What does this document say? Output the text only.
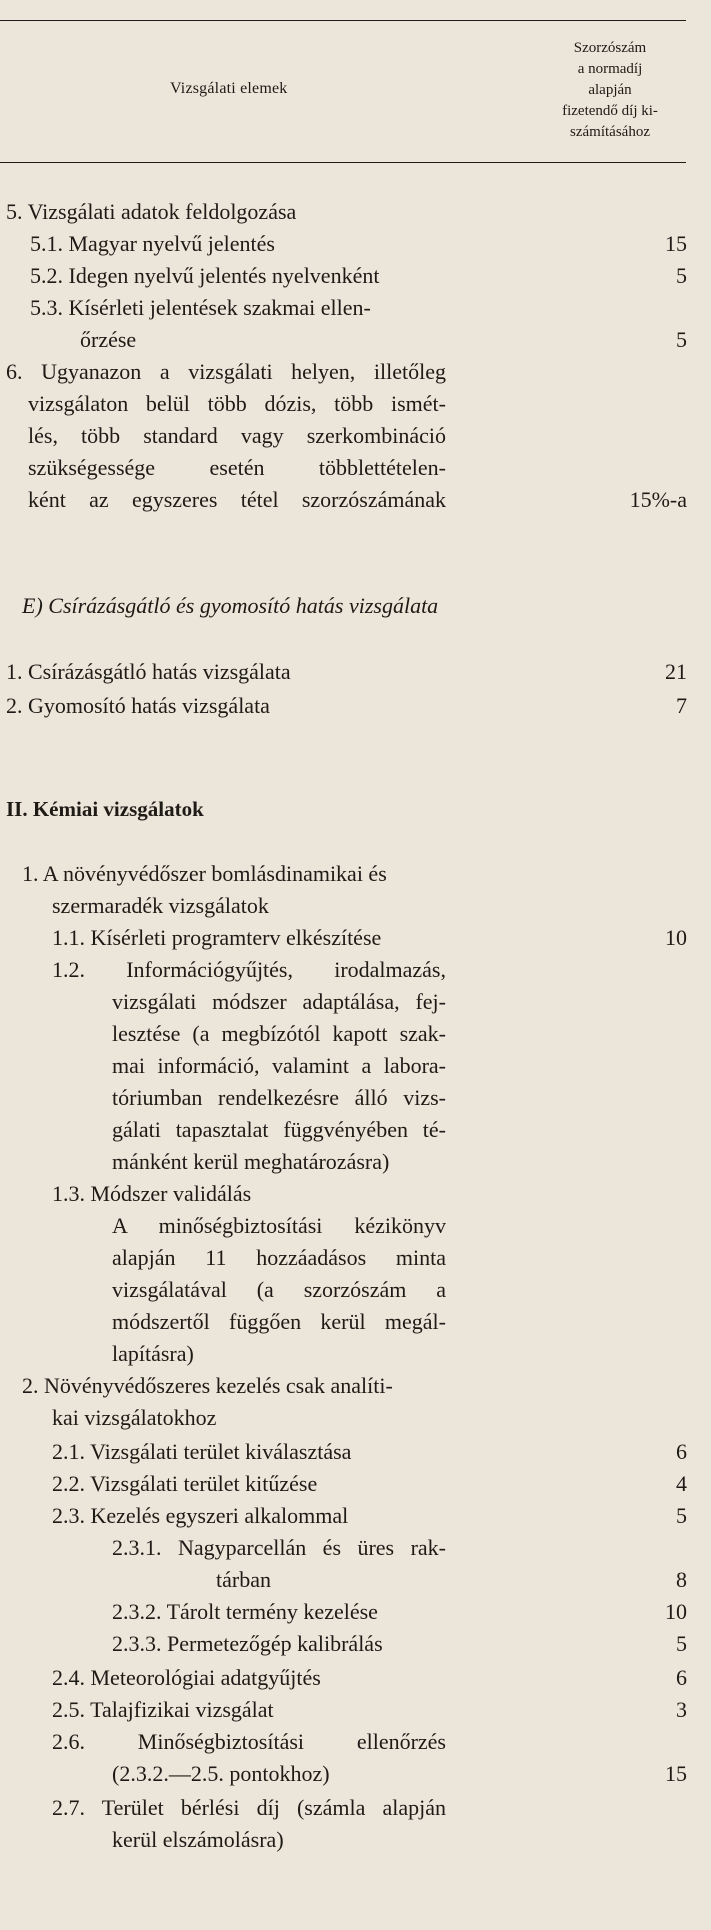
Vizsgálati elemek
Szorzószám
a normadíj
alapján
fizetendő díj ki-
számításához
5. Vizsgálati adatok feldolgozása
5.1. Magyar nyelvű jelentés	15
5.2. Idegen nyelvű jelentés nyelvenként	5
5.3. Kísérleti jelentések szakmai ellen-
őrzése	5
6. Ugyanazon a vizsgálati helyen, illetőleg
vizsgálaton belül több dózis, több ismét-
lés, több standard vagy szerkombináció
szükségessége esetén többlettételen-
ként az egyszeres tétel szorzószámának	15%-a
E) Csírázásgátló és gyomosító hatás vizsgálata
1. Csírázásgátló hatás vizsgálata	21
2. Gyomosító hatás vizsgálata	7
II. Kémiai vizsgálatok
1. A növényvédőszer bomlásdinamikai és
szermaradék vizsgálatok
1.1. Kísérleti programterv elkészítése	10
1.2. Információgyűjtés, irodalmazás,
vizsgálati módszer adaptálása, fej-
lesztése (a megbízótól kapott szak-
mai információ, valamint a labora-
tóriumban rendelkezésre álló vizs-
gálati tapasztalat függvényében té-
mánként kerül meghatározásra)
1.3. Módszer validálás
A minőségbiztosítási kézikönyv
alapján 11 hozzáadásos minta
vizsgálatával (a szorzószám a
módszertől függően kerül megál-
lapításra)
2. Növényvédőszeres kezelés csak analíti-
kai vizsgálatokhoz
2.1. Vizsgálati terület kiválasztása	6
2.2. Vizsgálati terület kitűzése	4
2.3. Kezelés egyszeri alkalommal	5
2.3.1. Nagyparcellán és üres rak-
tárban	8
2.3.2. Tárolt termény kezelése	10
2.3.3. Permetezőgép kalibrálás	5
2.4. Meteorológiai adatgyűjtés	6
2.5. Talajfizikai vizsgálat	3
2.6. Minőségbiztosítási ellenőrzés
(2.3.2.—2.5. pontokhoz)	15
2.7. Terület bérlési díj (számla alapján
kerül elszámolásra)
